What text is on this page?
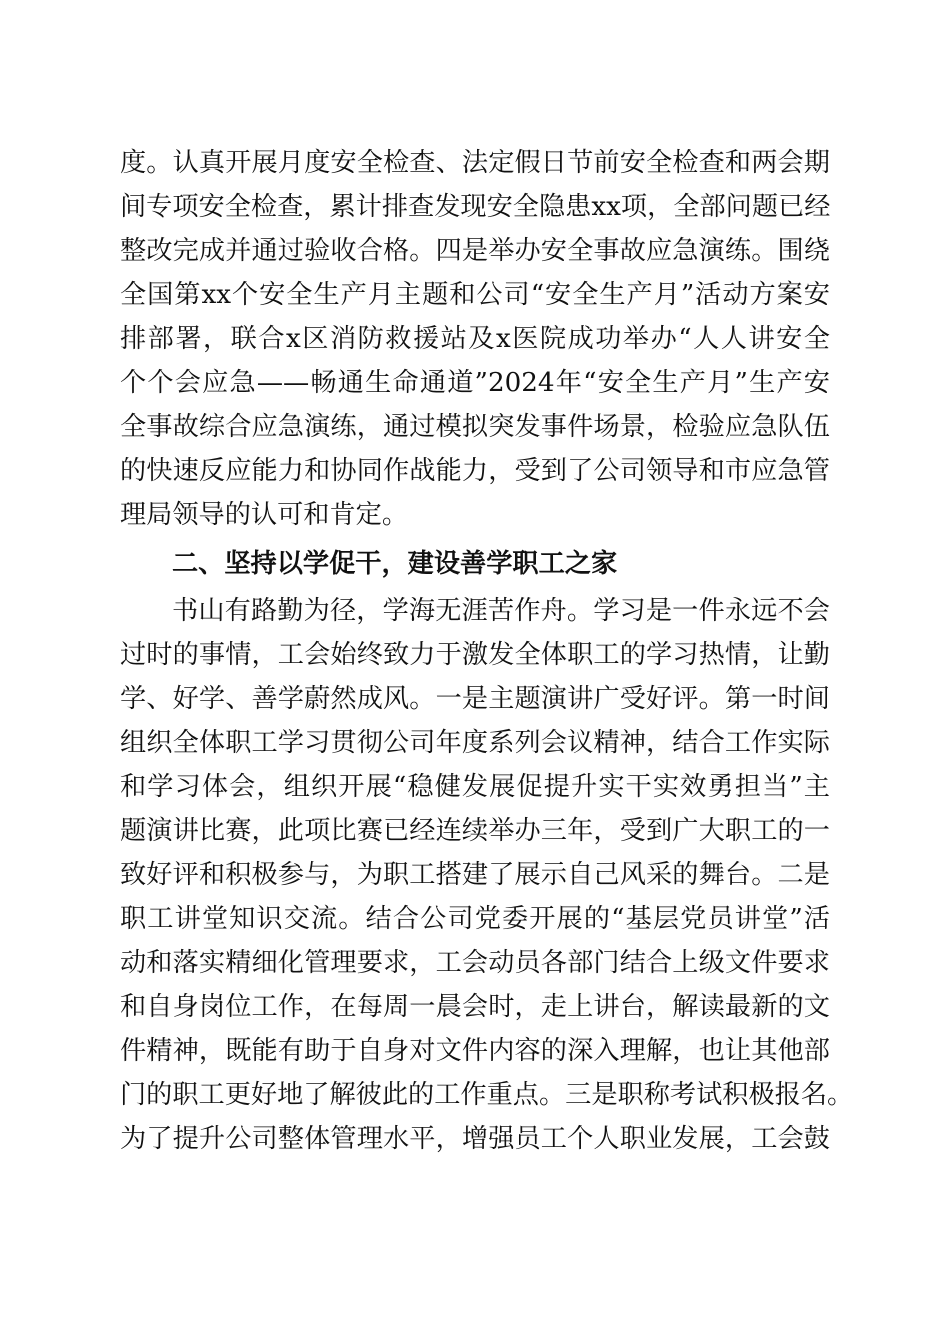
度。认真开展月度安全检查、法定假日节前安全检查和两会期
间专项安全检查，累计排查发现安全隐患xx项，全部问题已经
整改完成并通过验收合格。四是举办安全事故应急演练。围绕
全国第xx个安全生产月主题和公司“安全生产月”活动方案安
排部署，联合x区消防救援站及x医院成功举办“人人讲安全
个个会应急——畅通生命通道”2024年“安全生产月”生产安
全事故综合应急演练，通过模拟突发事件场景，检验应急队伍
的快速反应能力和协同作战能力，受到了公司领导和市应急管
理局领导的认可和肯定。
二、坚持以学促干，建设善学职工之家
书山有路勤为径，学海无涯苦作舟。学习是一件永远不会
过时的事情，工会始终致力于激发全体职工的学习热情，让勤
学、好学、善学蔚然成风。一是主题演讲广受好评。第一时间
组织全体职工学习贯彻公司年度系列会议精神，结合工作实际
和学习体会，组织开展“稳健发展促提升实干实效勇担当”主
题演讲比赛，此项比赛已经连续举办三年，受到广大职工的一
致好评和积极参与，为职工搭建了展示自己风采的舞台。二是
职工讲堂知识交流。结合公司党委开展的“基层党员讲堂”活
动和落实精细化管理要求，工会动员各部门结合上级文件要求
和自身岗位工作，在每周一晨会时，走上讲台，解读最新的文
件精神，既能有助于自身对文件内容的深入理解，也让其他部
门的职工更好地了解彼此的工作重点。三是职称考试积极报名。
为了提升公司整体管理水平，增强员工个人职业发展，工会鼓
